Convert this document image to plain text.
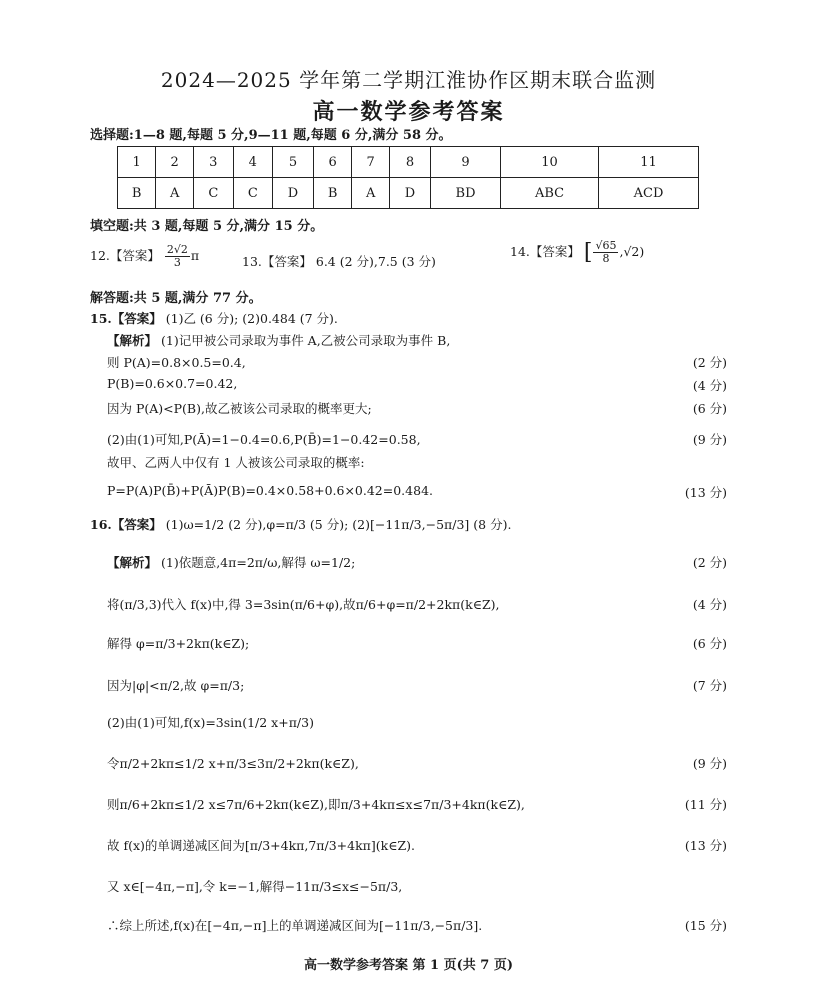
2024—2025 学年第二学期江淮协作区期末联合监测
高一数学参考答案
选择题:1—8 题,每题 5 分,9—11 题,每题 6 分,满分 58 分。
1	2	3	4	5	6	7	8	9	10	11
B	A	C	C	D	B	A	D	BD	ABC	ACD
填空题:共 3 题,每题 5 分,满分 15 分。
12.【答案】 $\frac{2√2}{3}$ π	13.【答案】 6.4 (2 分),7.5 (3 分)
14.【答案】 [ $\frac{√65}{8} ,√2$)
解答题:共 5 题,满分 77 分。
15.【答案】 (1)乙 (6 分); (2)0.484 (7 分).
【解析】 (1)记甲被公司录取为事件 A,乙被公司录取为事件 B,
则 P(A)=0.8×0.5=0.4,	(2 分)
P(B)=0.6×0.7=0.42,	(4 分)
因为 P(A)<P(B),故乙被该公司录取的概率更大;	(6 分)
(2)由(1)可知,P(Ā)=1−0.4=0.6,P(B̄)=1−0.42=0.58,	(9 分)
故甲、乙两人中仅有 1 人被该公司录取的概率:
P=P(A)P(B̄)+P(Ā)P(B)=0.4×0.58+0.6×0.42=0.484.	(13 分)
16.【答案】 (1)ω=1/2 (2 分),φ=π/3 (5 分); (2)[−11π/3,−5π/3] (8 分).
【解析】 (1)依题意,4π=2π/ω,解得 ω=1/2;	(2 分)
将(π/3,3)代入 f(x)中,得 3=3sin(π/6+φ),故π/6+φ=π/2+2kπ(k∈Z),	(4 分)
解得 φ=π/3+2kπ(k∈Z);	(6 分)
因为|φ|<π/2,故 φ=π/3;	(7 分)
(2)由(1)可知,f(x)=3sin(1/2 x+π/3)
令π/2+2kπ≤1/2 x+π/3≤3π/2+2kπ(k∈Z),	(9 分)
则π/6+2kπ≤1/2 x≤7π/6+2kπ(k∈Z),即π/3+4kπ≤x≤7π/3+4kπ(k∈Z),	(11 分)
故 f(x)的单调递减区间为[π/3+4kπ,7π/3+4kπ](k∈Z).	(13 分)
又 x∈[−4π,−π],令 k=−1,解得−11π/3≤x≤−5π/3,
∴综上所述,f(x)在[−4π,−π]上的单调递减区间为[−11π/3,−5π/3].	(15 分)
高一数学参考答案 第 1 页(共 7 页)
